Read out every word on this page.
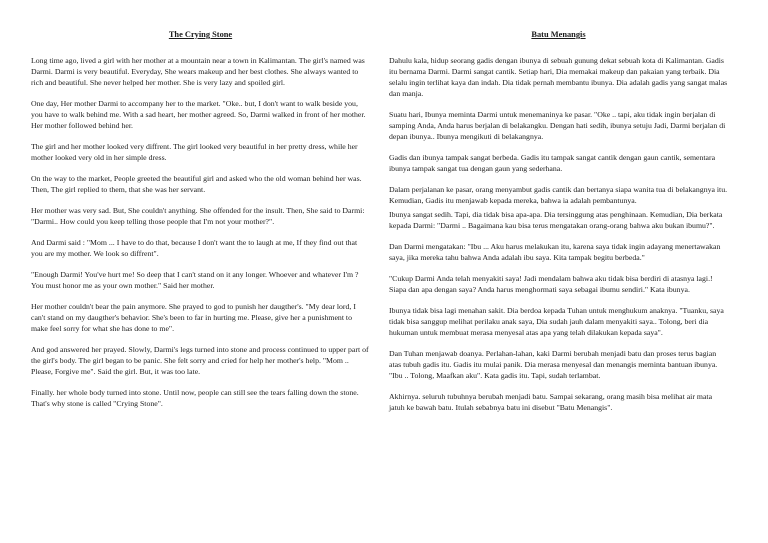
The Crying Stone

Long time ago, lived a girl with her mother at a mountain near a town in Kalimantan. The girl's named was Darmi. Darmi is very beautiful. Everyday, She wears makeup and her best clothes. She always wanted to rich and beautiful. She never helped her mother. She is very lazy and spoiled girl.

One day, Her mother Darmi to accompany her to the market. "Oke.. but, I don't want to walk beside you, you have to walk behind me. With a sad heart, her mother agreed. So, Darmi walked in front of her mother. Her mother followed behind her.

The girl and her mother looked very diffrent. The girl looked very beautiful in her pretty dress, while her mother looked very old in her simple dress.

On the way to the market, People greeted the beautiful girl and asked who the old woman behind her was. Then, The girl replied to them, that she was her servant.

Her mother was very sad. But, She couldn't anything. She offended for the insult. Then, She said to Darmi: "Darmi.. How could you keep telling those people that I'm not your mother?".

And Darmi said : "Mom ... I have to do that, because I don't want the to laugh at me, If they find out that you are my mother. We look so diffrent".

"Enough Darmi! You've hurt me! So deep that I can't stand on it any longer. Whoever and whatever I'm ? You must honor me as your own mother." Said her mother.

Her mother couldn't bear the pain anymore. She prayed to god to punish her daugther's. "My dear lord, I can't stand on my daugther's behavior. She's been to far in hurting me. Please, give her a punishment to make feel sorry for what she has done to me".

And god answered her prayed. Slowly, Darmi's legs turned into stone and process continued to upper part of the girl's body. The girl began to be panic. She felt sorry and cried for help her mother's help. "Mom .. Please, Forgive me". Said the girl. But, it was too late.

Finally. her whole body turned into stone. Until now, people can still see the tears falling down the stone. That's why stone is called "Crying Stone".

Batu Menangis

Dahulu kala, hidup seorang gadis dengan ibunya di sebuah gunung dekat sebuah kota di Kalimantan. Gadis itu bernama Darmi. Darmi sangat cantik. Setiap hari, Dia memakai makeup dan pakaian yang terbaik. Dia selalu ingin terlihat kaya dan indah. Dia tidak pernah membantu ibunya. Dia adalah gadis yang sangat malas dan manja.

Suatu hari, Ibunya meminta Darmi untuk menemaninya ke pasar. "Oke .. tapi, aku tidak ingin berjalan di samping Anda, Anda harus berjalan di belakangku. Dengan hati sedih, ibunya setuju Jadi, Darmi berjalan di depan ibunya.. Ibunya mengikuti di belakangnya.

Gadis dan ibunya tampak sangat berbeda. Gadis itu tampak sangat cantik dengan gaun cantik, sementara ibunya tampak sangat tua dengan gaun yang sederhana.

Dalam perjalanan ke pasar, orang menyambut gadis cantik dan bertanya siapa wanita tua di belakangnya itu. Kemudian, Gadis itu menjawab kepada mereka, bahwa ia adalah pembantunya.

Ibunya sangat sedih. Tapi, dia tidak bisa apa-apa. Dia tersinggung atas penghinaan. Kemudian, Dia berkata kepada Darmi: "Darmi .. Bagaimana kau bisa terus mengatakan orang-orang bahwa aku bukan ibumu?".

Dan Darmi mengatakan: "Ibu ... Aku harus melakukan itu, karena saya tidak ingin adayang menertawakan saya, jika mereka tahu bahwa Anda adalah ibu saya. Kita tampak begitu berbeda."

"Cukup Darmi Anda telah menyakiti saya! Jadi mendalam bahwa aku tidak bisa berdiri di atasnya lagi.! Siapa dan apa dengan saya? Anda harus menghormati saya sebagai ibumu sendiri." Kata ibunya.

Ibunya tidak bisa lagi menahan sakit. Dia berdoa kepada Tuhan untuk menghukum anaknya. "Tuanku, saya tidak bisa sanggup melihat perilaku anak saya, Dia sudah jauh dalam menyakiti saya.. Tolong, beri dia hukuman untuk membuat merasa menyesal atas apa yang telah dilakukan kepada saya".

Dan Tuhan menjawab doanya. Perlahan-lahan, kaki Darmi berubah menjadi batu dan proses terus bagian atas tubuh gadis itu. Gadis itu mulai panik. Dia merasa menyesal dan menangis meminta bantuan ibunya. "Ibu .. Tolong, Maafkan aku". Kata gadis itu. Tapi, sudah terlambat.

Akhirnya. seluruh tubuhnya berubah menjadi batu. Sampai sekarang, orang masih bisa melihat air mata jatuh ke bawah batu. Itulah sebabnya batu ini disebut "Batu Menangis".
